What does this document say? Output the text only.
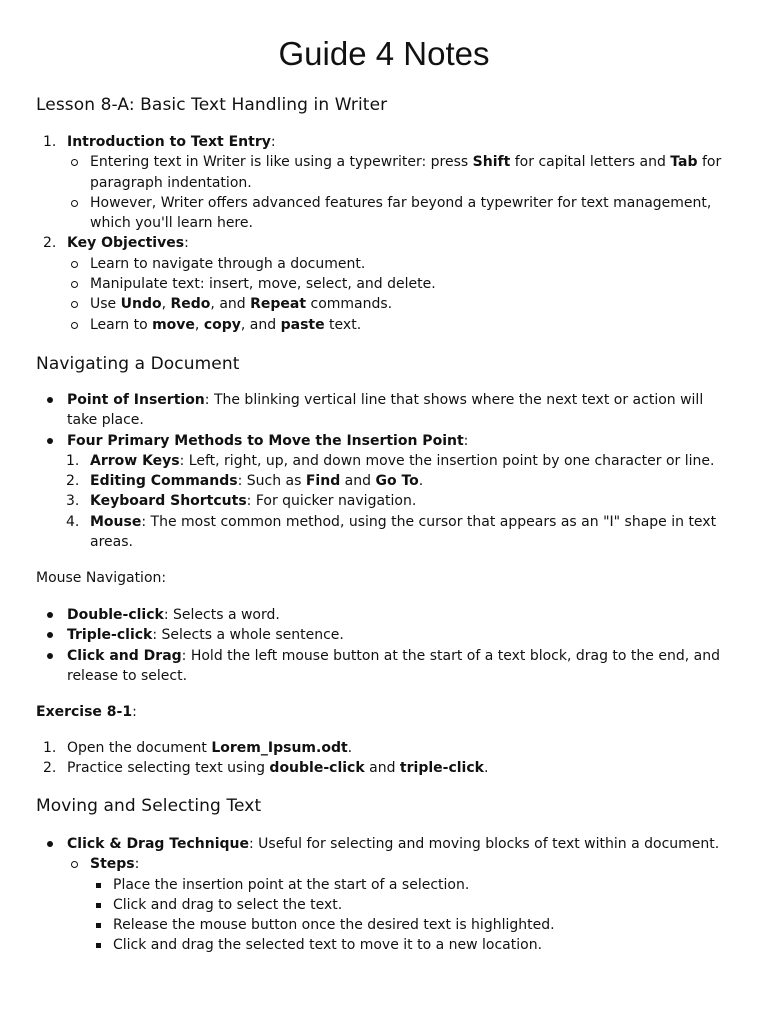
Guide 4 Notes
Lesson 8-A: Basic Text Handling in Writer
1. Introduction to Text Entry:
Entering text in Writer is like using a typewriter: press Shift for capital letters and Tab for paragraph indentation.
However, Writer offers advanced features far beyond a typewriter for text management, which you'll learn here.
2. Key Objectives:
Learn to navigate through a document.
Manipulate text: insert, move, select, and delete.
Use Undo, Redo, and Repeat commands.
Learn to move, copy, and paste text.
Navigating a Document
Point of Insertion: The blinking vertical line that shows where the next text or action will take place.
Four Primary Methods to Move the Insertion Point:
1. Arrow Keys: Left, right, up, and down move the insertion point by one character or line.
2. Editing Commands: Such as Find and Go To.
3. Keyboard Shortcuts: For quicker navigation.
4. Mouse: The most common method, using the cursor that appears as an "I" shape in text areas.

Mouse Navigation:

Double-click: Selects a word.
Triple-click: Selects a whole sentence.
Click and Drag: Hold the left mouse button at the start of a text block, drag to the end, and release to select.

Exercise 8-1:

1. Open the document Lorem_Ipsum.odt.
2. Practice selecting text using double-click and triple-click.
Moving and Selecting Text
Click & Drag Technique: Useful for selecting and moving blocks of text within a document.
Steps:
Place the insertion point at the start of a selection.
Click and drag to select the text.
Release the mouse button once the desired text is highlighted.
Click and drag the selected text to move it to a new location.
